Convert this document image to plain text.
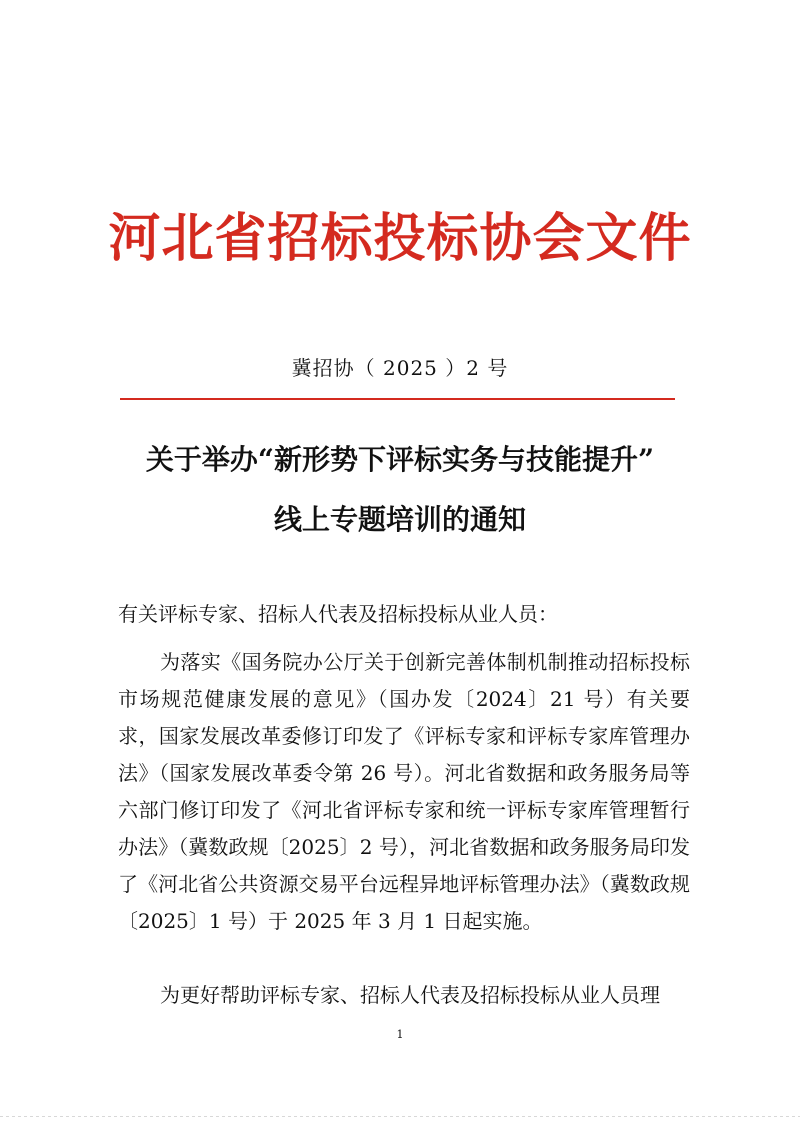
河北省招标投标协会文件
冀招协（ 2025 ）2 号
关于举办“新形势下评标实务与技能提升”
线上专题培训的通知

有关评标专家、招标人代表及招标投标从业人员：

为落实《国务院办公厅关于创新完善体制机制推动招标投标市场规范健康发展的意见》（国办发〔2024〕21 号）有关要求，国家发展改革委修订印发了《评标专家和评标专家库管理办法》（国家发展改革委令第 26 号）。河北省数据和政务服务局等六部门修订印发了《河北省评标专家和统一评标专家库管理暂行办法》（冀数政规〔2025〕2 号），河北省数据和政务服务局印发了《河北省公共资源交易平台远程异地评标管理办法》（冀数政规〔2025〕1 号）于 2025 年 3 月 1 日起实施。

为更好帮助评标专家、招标人代表及招标投标从业人员理

1
